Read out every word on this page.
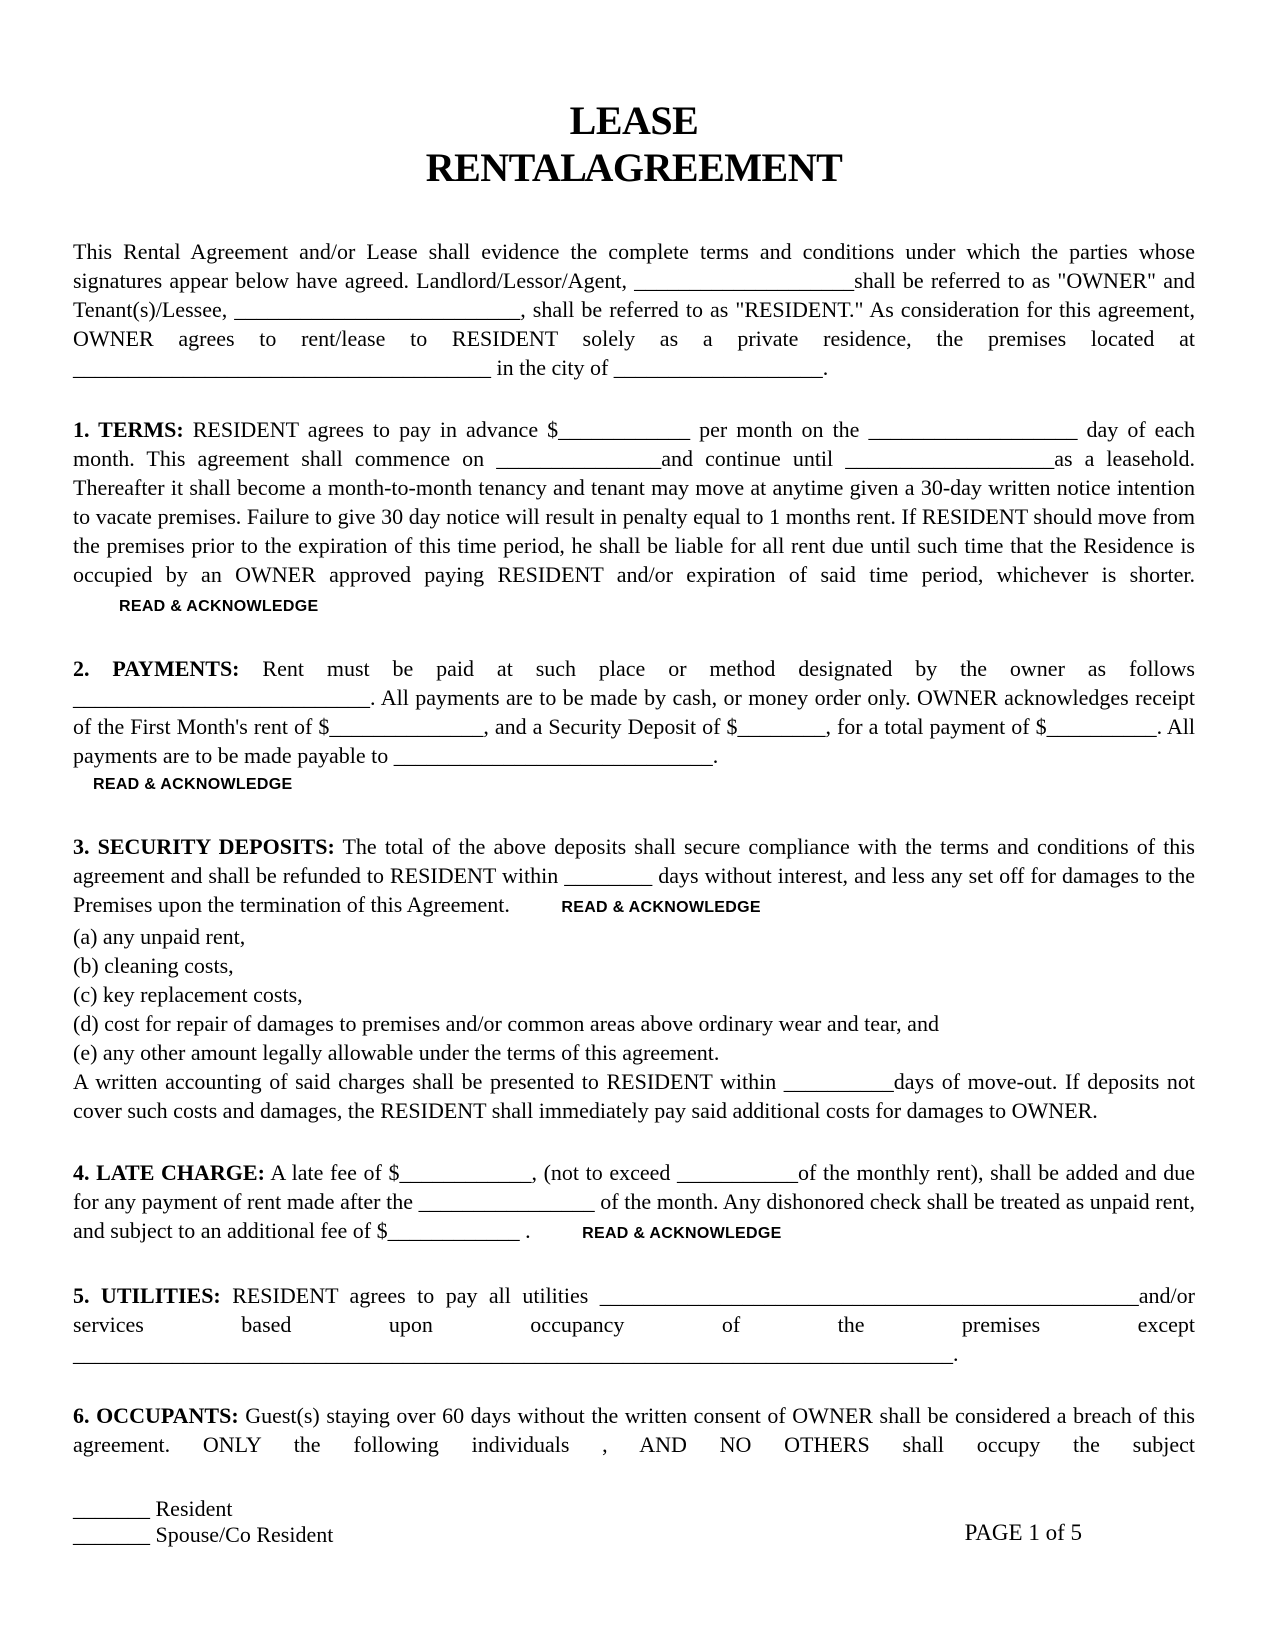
LEASE
RENTAL AGREEMENT

This Rental Agreement and/or Lease shall evidence the complete terms and conditions under which the parties whose signatures appear below have agreed. Landlord/Lessor/Agent, ____________________shall be referred to as "OWNER" and Tenant(s)/Lessee, __________________________, shall be referred to as "RESIDENT." As consideration for this agreement, OWNER agrees to rent/lease to RESIDENT solely as a private residence, the premises located at ______________________________________ in the city of ___________________.

1. TERMS: RESIDENT agrees to pay in advance $____________ per month on the ___________________ day of each month. This agreement shall commence on _______________and continue until ___________________as a leasehold. Thereafter it shall become a month-to-month tenancy and tenant may move at anytime given a 30-day written notice intention to vacate premises. Failure to give 30 day notice will result in penalty equal to 1 months rent. If RESIDENT should move from the premises prior to the expiration of this time period, he shall be liable for all rent due until such time that the Residence is occupied by an OWNER approved paying RESIDENT and/or expiration of said time period, whichever is shorter. READ & ACKNOWLEDGE

2. PAYMENTS: Rent must be paid at such place or method designated by the owner as follows ___________________________. All payments are to be made by cash, or money order only. OWNER acknowledges receipt of the First Month's rent of $______________, and a Security Deposit of $________, for a total payment of $__________. All payments are to be made payable to _____________________________.
READ & ACKNOWLEDGE

3. SECURITY DEPOSITS: The total of the above deposits shall secure compliance with the terms and conditions of this agreement and shall be refunded to RESIDENT within ________ days without interest, and less any set off for damages to the Premises upon the termination of this Agreement.	READ & ACKNOWLEDGE

(a) any unpaid rent,
(b) cleaning costs,
(c) key replacement costs,
(d) cost for repair of damages to premises and/or common areas above ordinary wear and tear, and
(e) any other amount legally allowable under the terms of this agreement.

A written accounting of said charges shall be presented to RESIDENT within __________days of move-out. If deposits not cover such costs and damages, the RESIDENT shall immediately pay said additional costs for damages to OWNER.

4. LATE CHARGE: A late fee of $____________, (not to exceed ___________of the monthly rent), shall be added and due for any payment of rent made after the ________________ of the month. Any dishonored check shall be treated as unpaid rent, and subject to an additional fee of $____________ .	READ & ACKNOWLEDGE

5. UTILITIES: RESIDENT agrees to pay all utilities _________________________________________________and/or services based upon occupancy of the premises except ________________________________________________________________________________.

6. OCCUPANTS: Guest(s) staying over 60 days without the written consent of OWNER shall be considered a breach of this agreement. ONLY the following individuals , AND NO OTHERS shall occupy the subject

_______ Resident
_______ Spouse/Co Resident	PAGE 1 of 5
